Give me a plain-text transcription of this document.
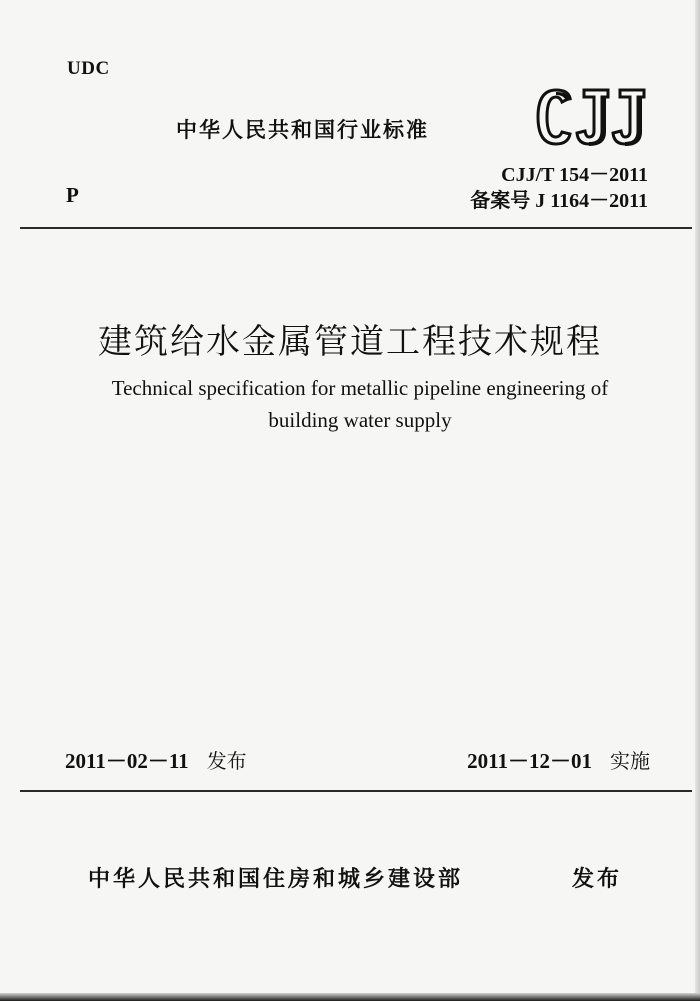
UDC
中华人民共和国行业标准
CJJ
P
CJJ/T 154－2011
备案号 J 1164－2011
建筑给水金属管道工程技术规程
Technical specification for metallic pipeline engineering of
building water supply
2011－02－11 发布	2011－12－01 实施
中华人民共和国住房和城乡建设部	发布
